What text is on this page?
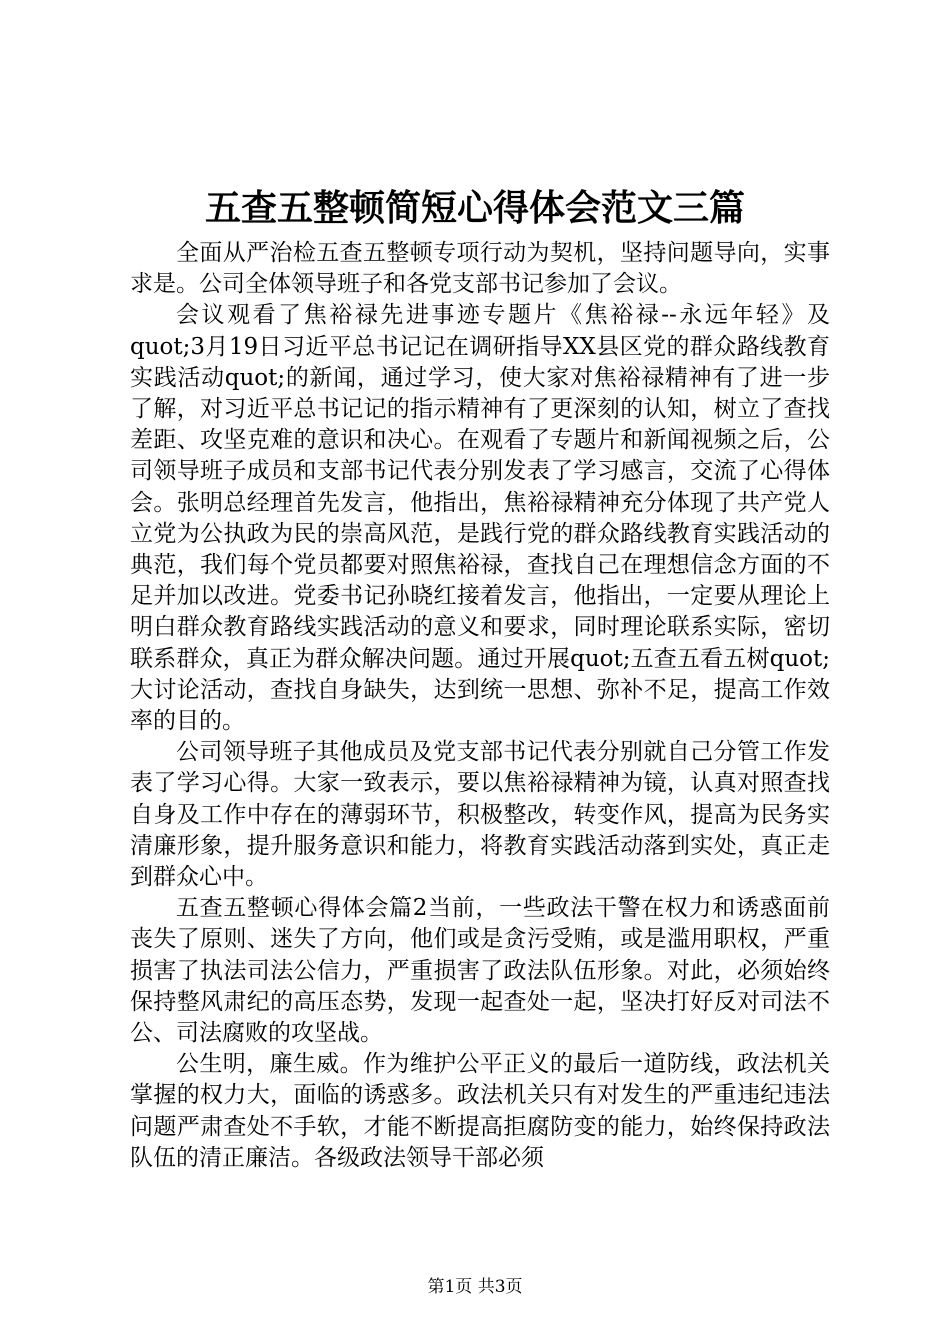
五查五整顿简短心得体会范文三篇

全面从严治检五查五整顿专项行动为契机，坚持问题导向，实事求是。公司全体领导班子和各党支部书记参加了会议。

会议观看了焦裕禄先进事迹专题片《焦裕禄--永远年轻》及quot;3月19日习近平总书记记在调研指导XX县区党的群众路线教育实践活动quot;的新闻，通过学习，使大家对焦裕禄精神有了进一步了解，对习近平总书记记的指示精神有了更深刻的认知，树立了查找差距、攻坚克难的意识和决心。在观看了专题片和新闻视频之后，公司领导班子成员和支部书记代表分别发表了学习感言，交流了心得体会。张明总经理首先发言，他指出，焦裕禄精神充分体现了共产党人立党为公执政为民的崇高风范，是践行党的群众路线教育实践活动的典范，我们每个党员都要对照焦裕禄，查找自己在理想信念方面的不足并加以改进。党委书记孙晓红接着发言，他指出，一定要从理论上明白群众教育路线实践活动的意义和要求，同时理论联系实际，密切联系群众，真正为群众解决问题。通过开展quot;五查五看五树quot;大讨论活动，查找自身缺失，达到统一思想、弥补不足，提高工作效率的目的。

公司领导班子其他成员及党支部书记代表分别就自己分管工作发表了学习心得。大家一致表示，要以焦裕禄精神为镜，认真对照查找自身及工作中存在的薄弱环节，积极整改，转变作风，提高为民务实清廉形象，提升服务意识和能力，将教育实践活动落到实处，真正走到群众心中。

五查五整顿心得体会篇2当前，一些政法干警在权力和诱惑面前丧失了原则、迷失了方向，他们或是贪污受贿，或是滥用职权，严重损害了执法司法公信力，严重损害了政法队伍形象。对此，必须始终保持整风肃纪的高压态势，发现一起查处一起，坚决打好反对司法不公、司法腐败的攻坚战。

公生明，廉生威。作为维护公平正义的最后一道防线，政法机关掌握的权力大，面临的诱惑多。政法机关只有对发生的严重违纪违法问题严肃查处不手软，才能不断提高拒腐防变的能力，始终保持政法队伍的清正廉洁。各级政法领导干部必须

第1页 共3页
